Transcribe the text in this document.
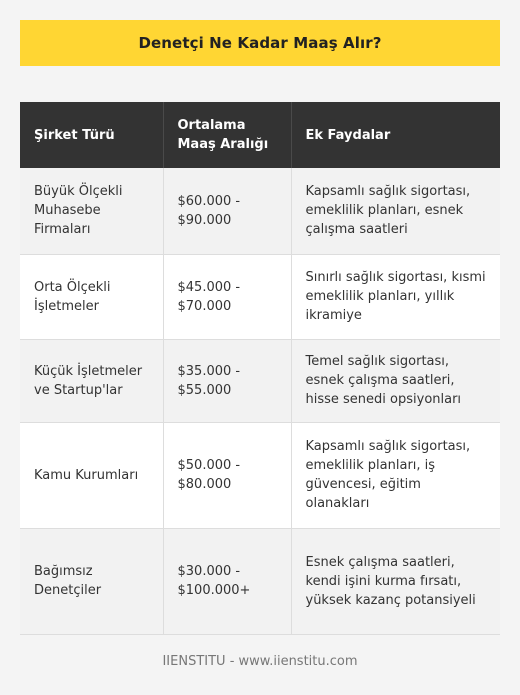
Denetçi Ne Kadar Maaş Alır?
Şirket Türü	Ortalama Maaş Aralığı	Ek Faydalar
Büyük Ölçekli Muhasebe Firmaları	$60.000 - $90.000	Kapsamlı sağlık sigortası, emeklilik planları, esnek çalışma saatleri
Orta Ölçekli İşletmeler	$45.000 - $70.000	Sınırlı sağlık sigortası, kısmi emeklilik planları, yıllık ikramiye
Küçük İşletmeler ve Startup'lar	$35.000 - $55.000	Temel sağlık sigortası, esnek çalışma saatleri, hisse senedi opsiyonları
Kamu Kurumları	$50.000 - $80.000	Kapsamlı sağlık sigortası, emeklilik planları, iş güvencesi, eğitim olanakları
Bağımsız Denetçiler	$30.000 - $100.000+	Esnek çalışma saatleri, kendi işini kurma fırsatı, yüksek kazanç potansiyeli
IIENSTITU - www.iienstitu.com
